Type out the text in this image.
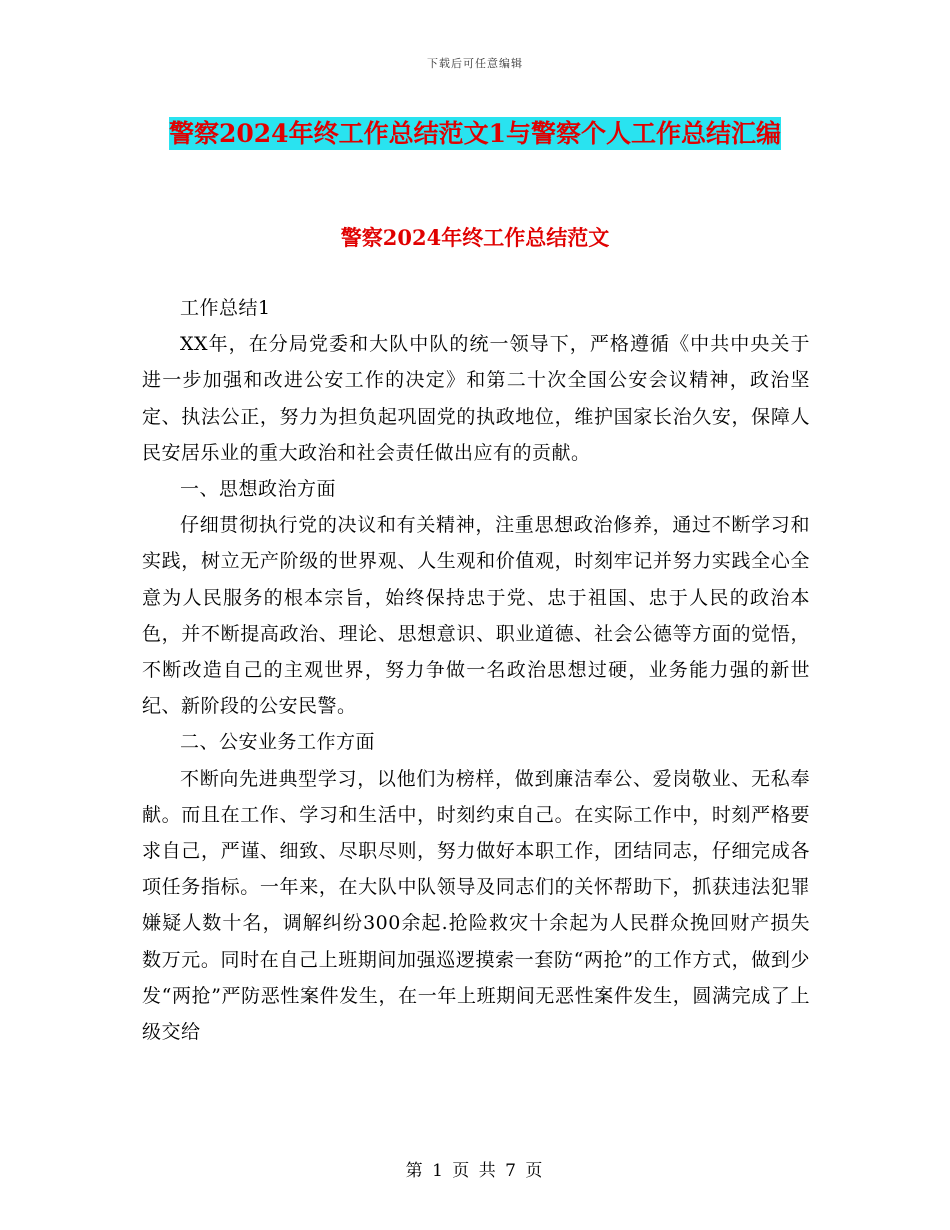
下载后可任意编辑
警察2024年终工作总结范文1与警察个人工作总结汇编
警察2024年终工作总结范文

工作总结1

XX年，在分局党委和大队中队的统一领导下，严格遵循《中共中央关于进一步加强和改进公安工作的决定》和第二十次全国公安会议精神，政治坚定、执法公正，努力为担负起巩固党的执政地位，维护国家长治久安，保障人民安居乐业的重大政治和社会责任做出应有的贡献。

一、思想政治方面

仔细贯彻执行党的决议和有关精神，注重思想政治修养，通过不断学习和实践，树立无产阶级的世界观、人生观和价值观，时刻牢记并努力实践全心全意为人民服务的根本宗旨，始终保持忠于党、忠于祖国、忠于人民的政治本色，并不断提高政治、理论、思想意识、职业道德、社会公德等方面的觉悟，不断改造自己的主观世界，努力争做一名政治思想过硬，业务能力强的新世纪、新阶段的公安民警。

二、公安业务工作方面

不断向先进典型学习，以他们为榜样，做到廉洁奉公、爱岗敬业、无私奉献。而且在工作、学习和生活中，时刻约束自己。在实际工作中，时刻严格要求自己，严谨、细致、尽职尽则，努力做好本职工作，团结同志，仔细完成各项任务指标。一年来，在大队中队领导及同志们的关怀帮助下，抓获违法犯罪嫌疑人数十名，调解纠纷300余起.抢险救灾十余起为人民群众挽回财产损失数万元。同时在自己上班期间加强巡逻摸索一套防“两抢”的工作方式，做到少发“两抢”严防恶性案件发生，在一年上班期间无恶性案件发生，圆满完成了上级交给

第 1 页 共 7 页
